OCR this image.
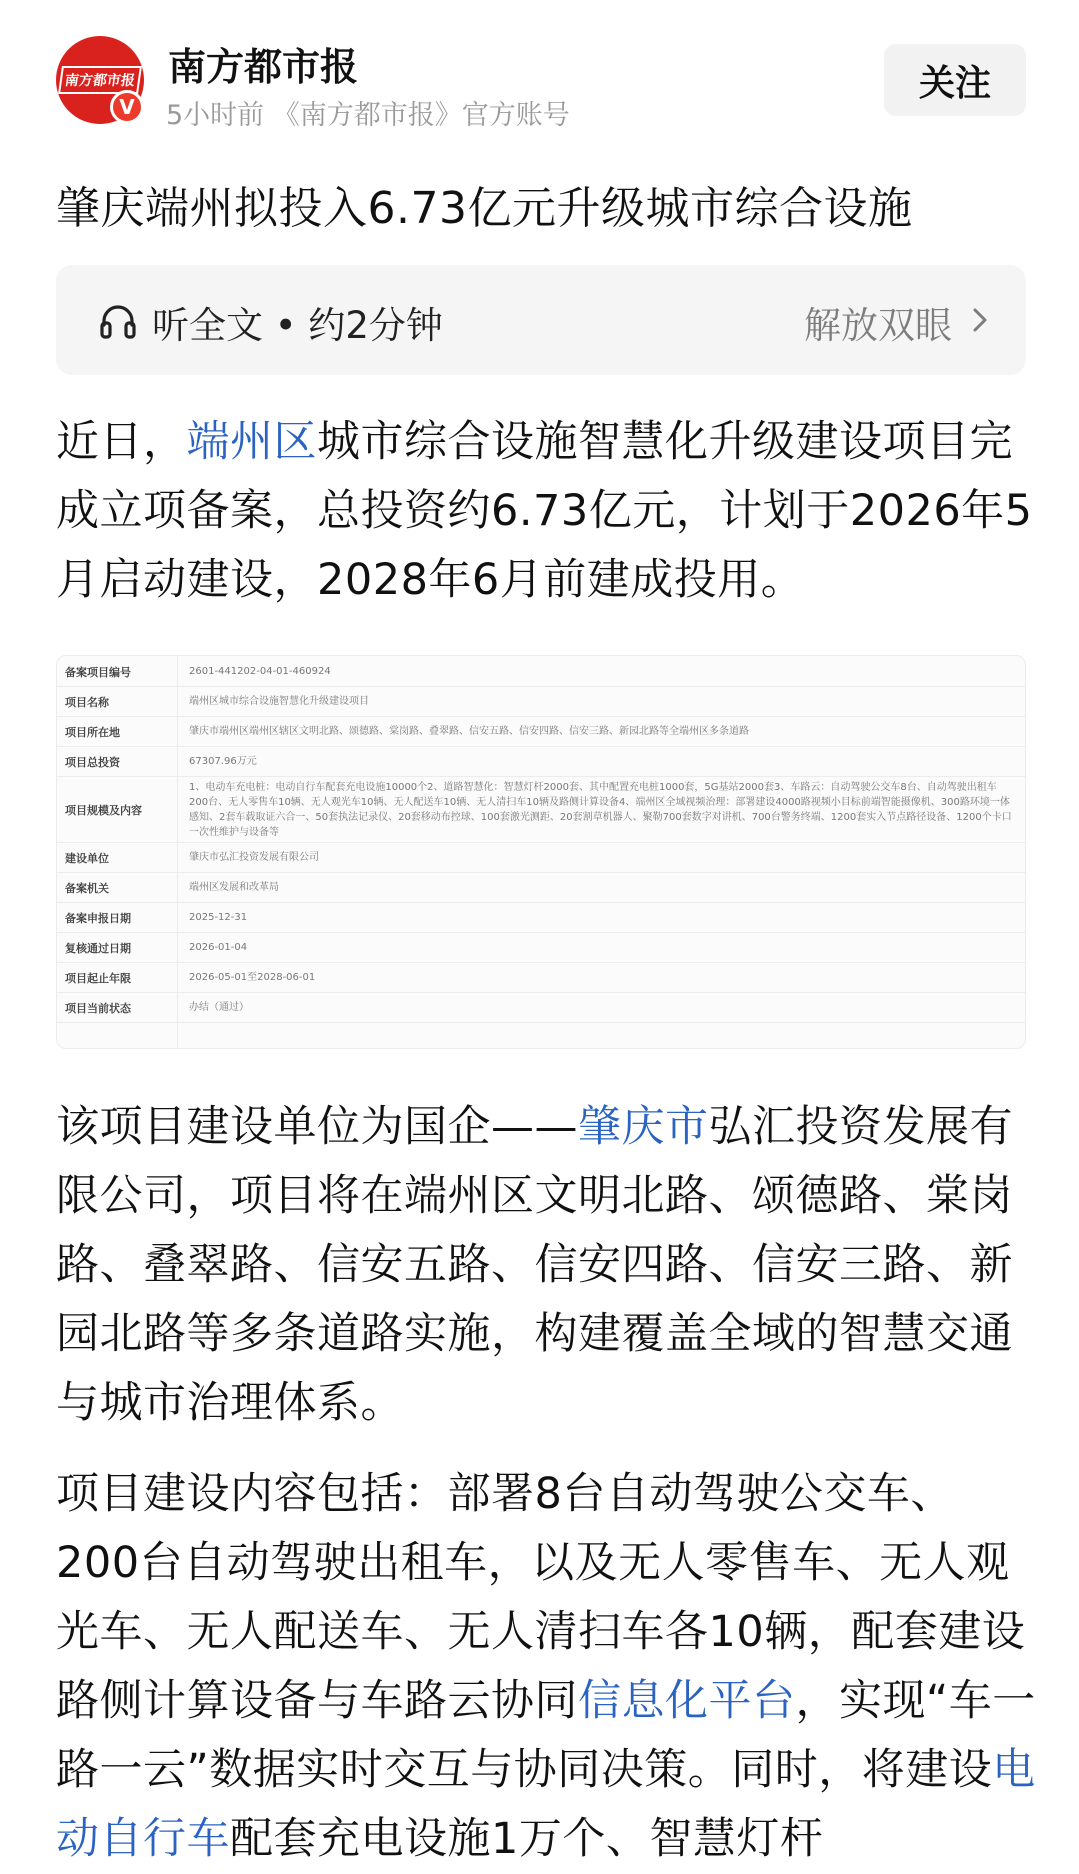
南方都市报
V
南方都市报
5小时前 《南方都市报》官方账号
关注
肇庆端州拟投入6.73亿元升级城市综合设施
听全文 • 约2分钟	解放双眼

近日，端州区城市综合设施智慧化升级建设项目完成立项备案，总投资约6.73亿元，计划于2026年5月启动建设，2028年6月前建成投用。

备案项目编号	2601-441202-04-01-460924
项目名称	端州区城市综合设施智慧化升级建设项目
项目所在地	肇庆市端州区端州区辖区文明北路、颂德路、棠岗路、叠翠路、信安五路、信安四路、信安三路、新园北路等全端州区多条道路
项目总投资	67307.96万元
项目规模及内容
1、电动车充电桩：电动自行车配套充电设施10000个2、道路智慧化：智慧灯杆2000套、其中配置充电桩1000套，5G基站2000套3、车路云：自动驾驶公交车8台、自动驾驶出租车200台、无人零售车10辆、无人观光车10辆、无人配送车10辆、无人清扫车10辆及路侧计算设备4、端州区全域视频治理：部署建设4000路视频小目标前端智能摄像机、300路环境一体感知、2套车载取证六合一、50套执法记录仪、20套移动布控球、100套激光测距、20套割草机器人、聚勒700套数字对讲机、700台警务终端、1200套实入节点路径设备、1200个卡口一次性维护与设备等
建设单位	肇庆市弘汇投资发展有限公司
备案机关	端州区发展和改革局
备案申报日期	2025-12-31
复核通过日期	2026-01-04
项目起止年限	2026-05-01至2028-06-01
项目当前状态	办结（通过）

该项目建设单位为国企——肇庆市弘汇投资发展有限公司，项目将在端州区文明北路、颂德路、棠岗路、叠翠路、信安五路、信安四路、信安三路、新园北路等多条道路实施，构建覆盖全域的智慧交通与城市治理体系。

项目建设内容包括：部署8台自动驾驶公交车、200台自动驾驶出租车，以及无人零售车、无人观光车、无人配送车、无人清扫车各10辆，配套建设路侧计算设备与车路云协同信息化平台，实现“车一路一云”数据实时交互与协同决策。同时，将建设电动自行车配套充电设施1万个、智慧灯杆
